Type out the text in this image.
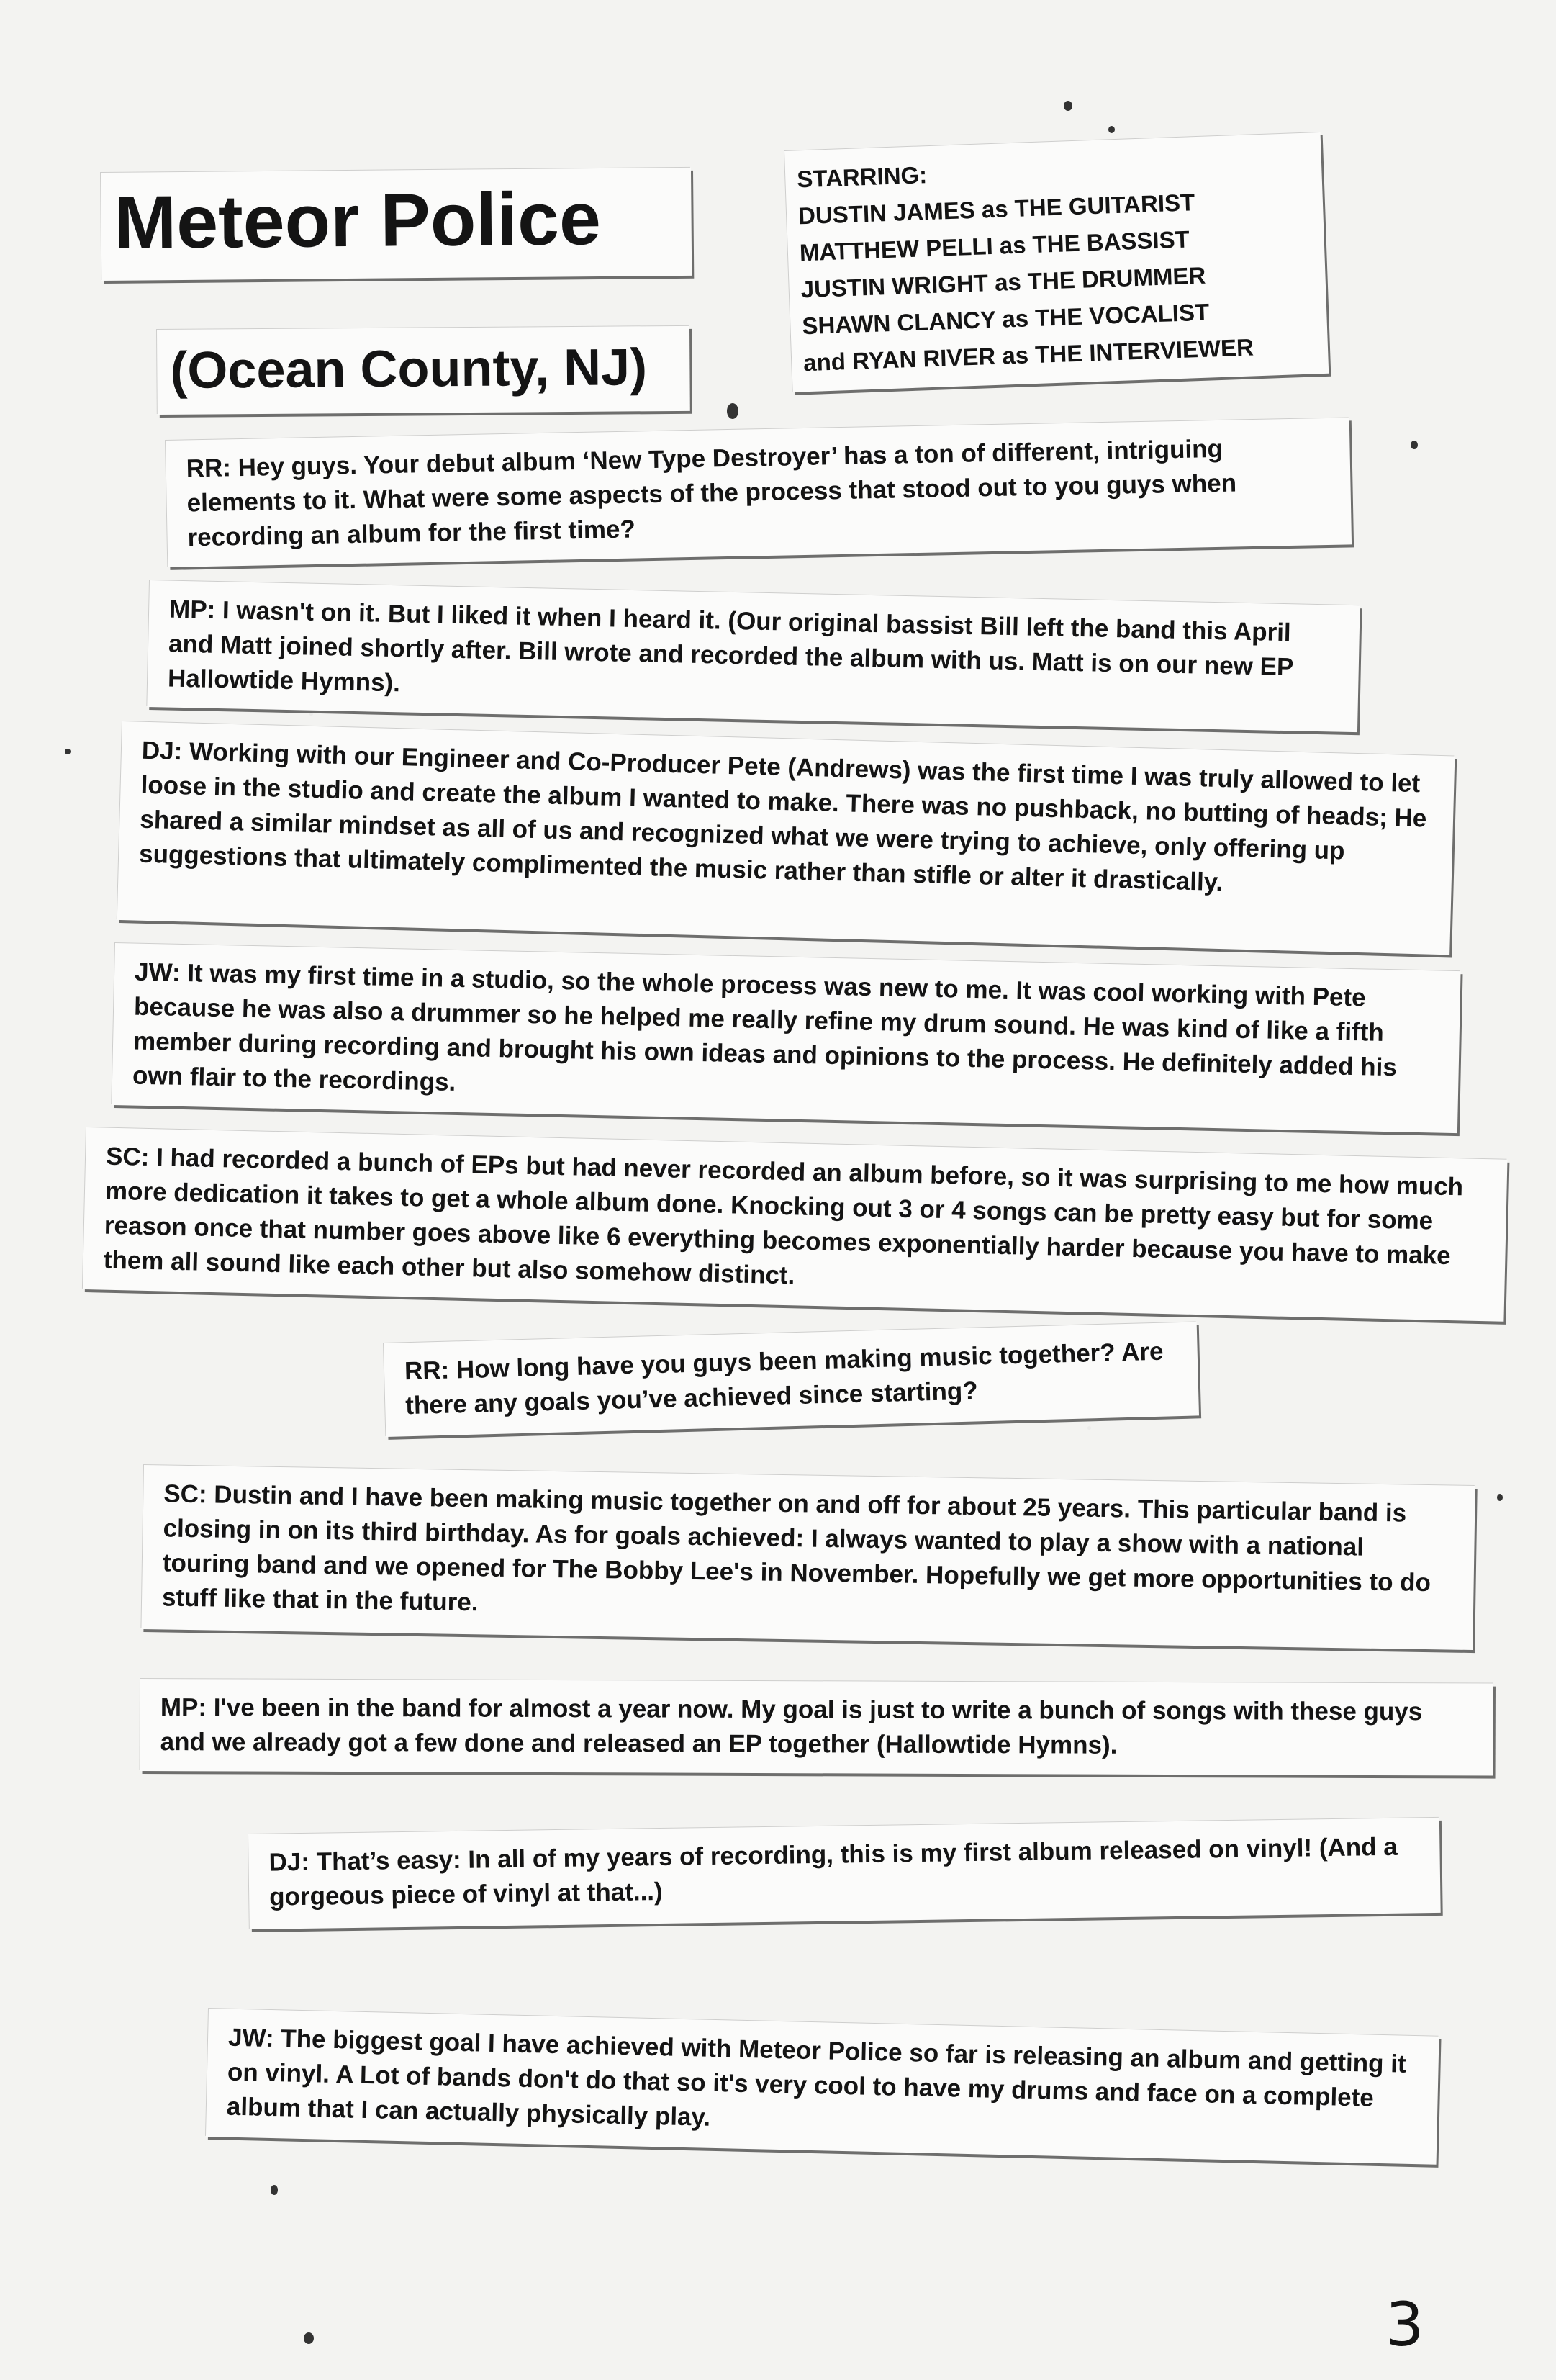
Meteor Police

(Ocean County, NJ)

STARRING:

DUSTIN JAMES as THE GUITARIST

MATTHEW PELLI as THE BASSIST

JUSTIN WRIGHT as THE DRUMMER

SHAWN CLANCY as THE VOCALIST

and RYAN RIVER as THE INTERVIEWER

RR: Hey guys. Your debut album ‘New Type Destroyer’ has a ton of different, intriguing elements to it. What were some aspects of the process that stood out to you guys when recording an album for the first time?

MP: I wasn't on it. But I liked it when I heard it. (Our original bassist Bill left the band this April and Matt joined shortly after. Bill wrote and recorded the album with us. Matt is on our new EP Hallowtide Hymns).

DJ: Working with our Engineer and Co-Producer Pete (Andrews) was the first time I was truly allowed to let loose in the studio and create the album I wanted to make. There was no pushback, no butting of heads; He shared a similar mindset as all of us and recognized what we were trying to achieve, only offering up suggestions that ultimately complimented the music rather than stifle or alter it drastically.

JW: It was my first time in a studio, so the whole process was new to me. It was cool working with Pete because he was also a drummer so he helped me really refine my drum sound. He was kind of like a fifth member during recording and brought his own ideas and opinions to the process. He definitely added his own flair to the recordings.

SC: I had recorded a bunch of EPs but had never recorded an album before, so it was surprising to me how much more dedication it takes to get a whole album done. Knocking out 3 or 4 songs can be pretty easy but for some reason once that number goes above like 6 everything becomes exponentially harder because you have to make them all sound like each other but also somehow distinct.

RR: How long have you guys been making music together? Are there any goals you’ve achieved since starting?

SC: Dustin and I have been making music together on and off for about 25 years. This particular band is closing in on its third birthday. As for goals achieved: I always wanted to play a show with a national touring band and we opened for The Bobby Lee's in November. Hopefully we get more opportunities to do stuff like that in the future.

MP: I've been in the band for almost a year now. My goal is just to write a bunch of songs with these guys and we already got a few done and released an EP together (Hallowtide Hymns).

DJ: That’s easy: In all of my years of recording, this is my first album released on vinyl! (And a gorgeous piece of vinyl at that...)

JW: The biggest goal I have achieved with Meteor Police so far is releasing an album and getting it on vinyl. A Lot of bands don't do that so it's very cool to have my drums and face on a complete album that I can actually physically play.

3
